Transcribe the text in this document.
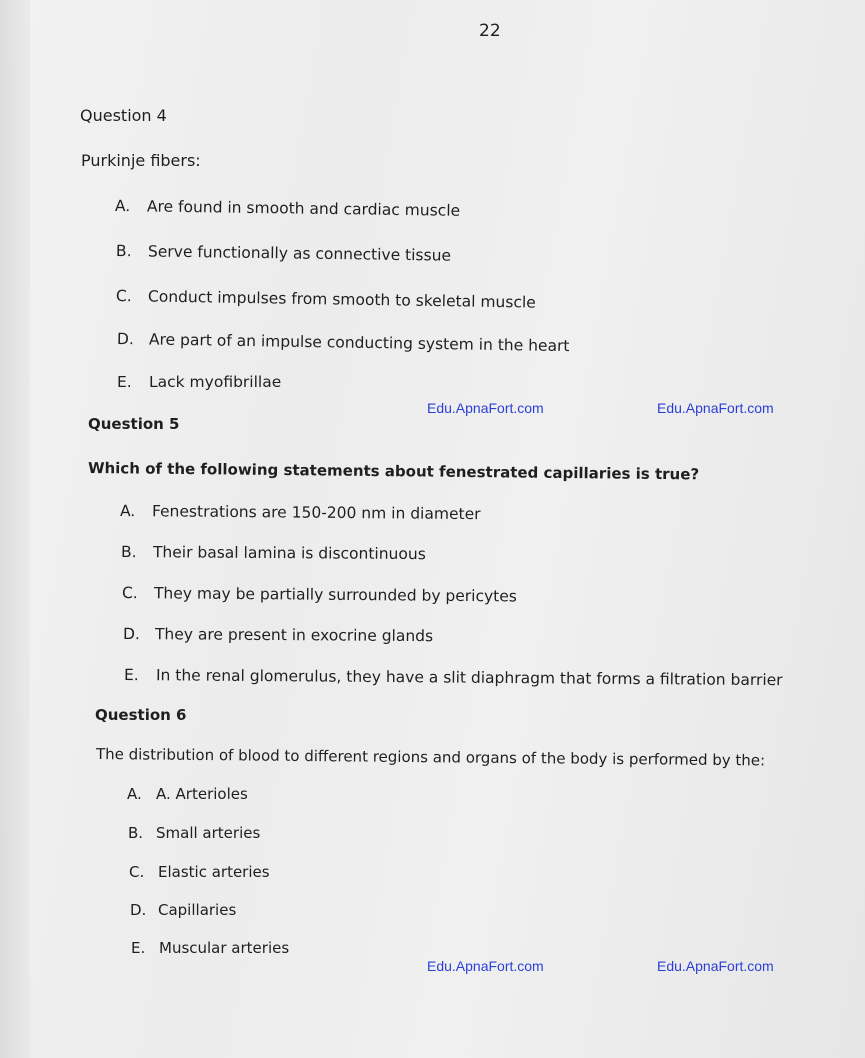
22
Question 4
Purkinje fibers:
A. Are found in smooth and cardiac muscle
B. Serve functionally as connective tissue
C. Conduct impulses from smooth to skeletal muscle
D. Are part of an impulse conducting system in the heart
E. Lack myofibrillae
Edu.ApnaFort.com	Edu.ApnaFort.com
Question 5
Which of the following statements about fenestrated capillaries is true?
A. Fenestrations are 150-200 nm in diameter
B. Their basal lamina is discontinuous
C. They may be partially surrounded by pericytes
D. They are present in exocrine glands
E. In the renal glomerulus, they have a slit diaphragm that forms a filtration barrier
Question 6
The distribution of blood to different regions and organs of the body is performed by the:
A. A. Arterioles
B. Small arteries
C. Elastic arteries
D. Capillaries
E. Muscular arteries
Edu.ApnaFort.com	Edu.ApnaFort.com
